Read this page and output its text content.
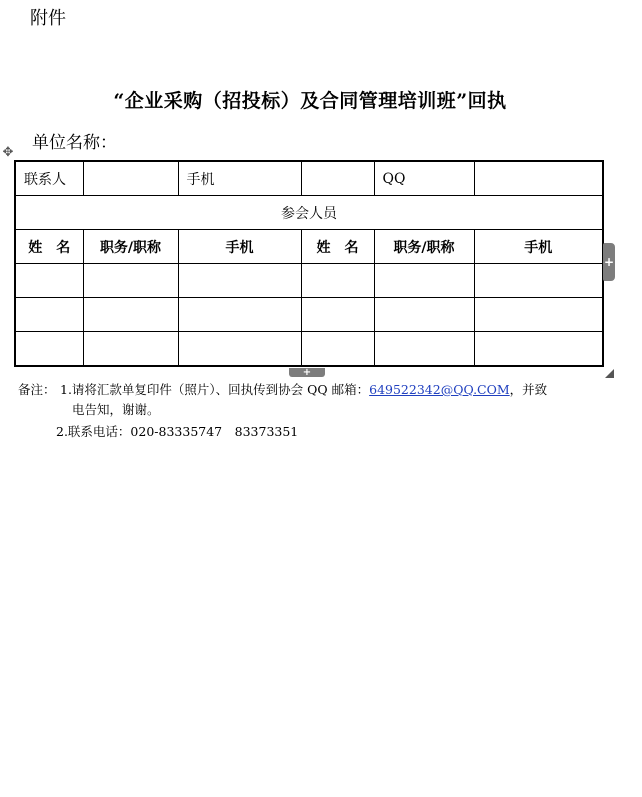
附件
“企业采购（招投标）及合同管理培训班”回执
单位名称：
✥
联系人		手机		QQ	
参会人员					
姓　名	职务/职称	手机	姓　名	职务/职称	手机

+
+
备注： 1.请将汇款单复印件（照片）、回执传到协会 QQ 邮箱：649522342@QQ.COM，并致
电告知，谢谢。
2.联系电话：020-83335747　83373351
